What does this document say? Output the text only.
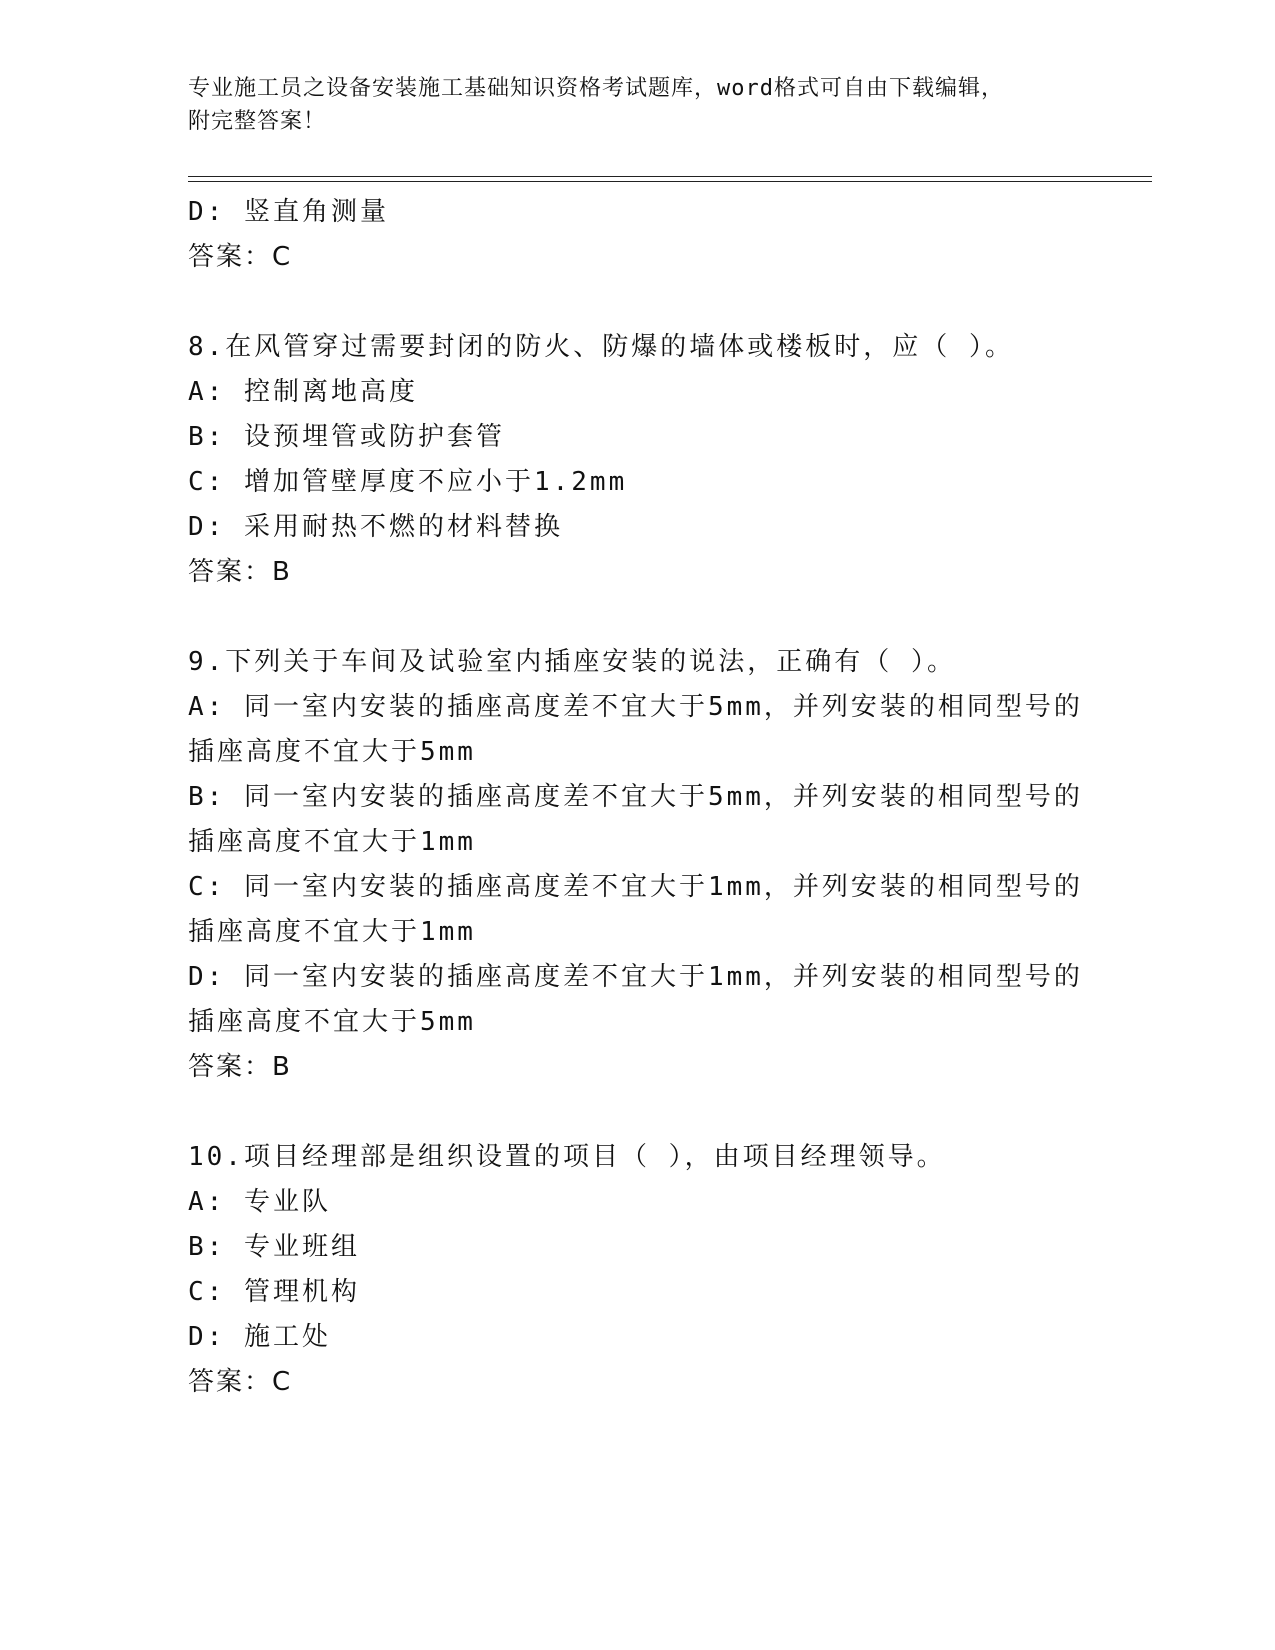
专业施工员之设备安装施工基础知识资格考试题库，word格式可自由下载编辑，
附完整答案！
D: 竖直角测量
答案：C
8.在风管穿过需要封闭的防火、防爆的墙体或楼板时，应（ ）。
A: 控制离地高度
B: 设预埋管或防护套管
C: 增加管壁厚度不应小于1.2mm
D: 采用耐热不燃的材料替换
答案：B
9.下列关于车间及试验室内插座安装的说法，正确有（ ）。
A: 同一室内安装的插座高度差不宜大于5mm，并列安装的相同型号的
插座高度不宜大于5mm
B: 同一室内安装的插座高度差不宜大于5mm，并列安装的相同型号的
插座高度不宜大于1mm
C: 同一室内安装的插座高度差不宜大于1mm，并列安装的相同型号的
插座高度不宜大于1mm
D: 同一室内安装的插座高度差不宜大于1mm，并列安装的相同型号的
插座高度不宜大于5mm
答案：B
10.项目经理部是组织设置的项目（ ），由项目经理领导。
A: 专业队
B: 专业班组
C: 管理机构
D: 施工处
答案：C
